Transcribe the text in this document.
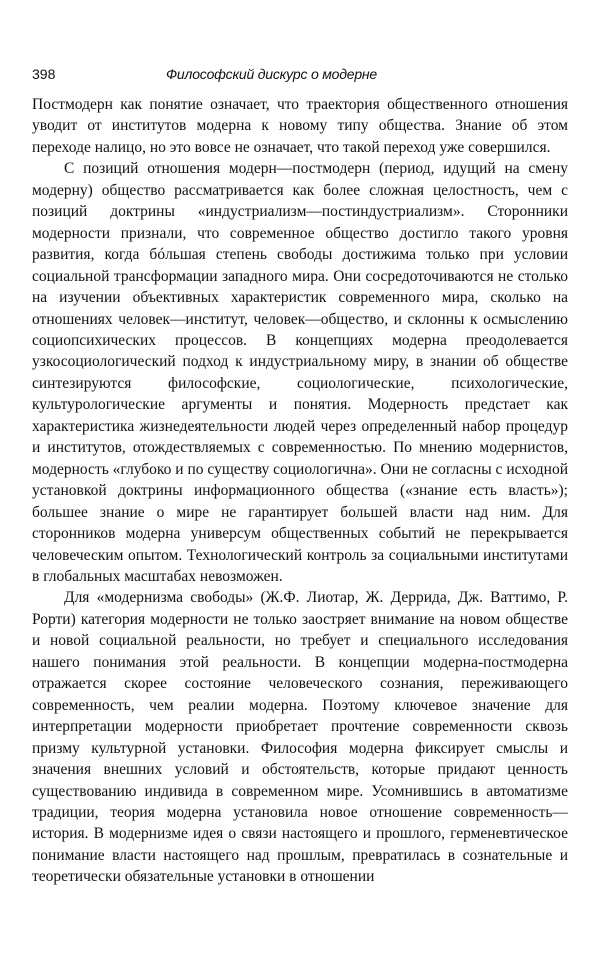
398	Философский дискурс о модерне

Постмодерн как понятие означает, что траектория общественного отношения уводит от институтов модерна к новому типу общества. Знание об этом переходе налицо, но это вовсе не означает, что такой переход уже совершился.

С позиций отношения модерн—постмодерн (период, идущий на смену модерну) общество рассматривается как более сложная целостность, чем с позиций доктрины «индустриализм—постиндустриализм». Сторонники модерности признали, что современное общество достигло такого уровня развития, когда бóльшая степень свободы достижима только при условии социальной трансформации западного мира. Они сосредоточиваются не столько на изучении объективных характеристик современного мира, сколько на отношениях человек—институт, человек—общество, и склонны к осмыслению социопсихических процессов. В концепциях модерна преодолевается узкосоциологический подход к индустриальному миру, в знании об обществе синтезируются философские, социологические, психологические, культурологические аргументы и понятия. Модерность предстает как характеристика жизнедеятельности людей через определенный набор процедур и институтов, отождествляемых с современностью. По мнению модернистов, модерность «глубоко и по существу социологична». Они не согласны с исходной установкой доктрины информационного общества («знание есть власть»); большее знание о мире не гарантирует большей власти над ним. Для сторонников модерна универсум общественных событий не перекрывается человеческим опытом. Технологический контроль за социальными институтами в глобальных масштабах невозможен.

Для «модернизма свободы» (Ж.Ф. Лиотар, Ж. Деррида, Дж. Ваттимо, Р. Рорти) категория модерности не только заостряет внимание на новом обществе и новой социальной реальности, но требует и специального исследования нашего понимания этой реальности. В концепции модерна-постмодерна отражается скорее состояние человеческого сознания, переживающего современность, чем реалии модерна. Поэтому ключевое значение для интерпретации модерности приобретает прочтение современности сквозь призму культурной установки. Философия модерна фиксирует смыслы и значения внешних условий и обстоятельств, которые придают ценность существованию индивида в современном мире. Усомнившись в автоматизме традиции, теория модерна установила новое отношение современность—история. В модернизме идея о связи настоящего и прошлого, герменевтическое понимание власти настоящего над прошлым, превратилась в сознательные и теоретически обязательные установки в отношении
